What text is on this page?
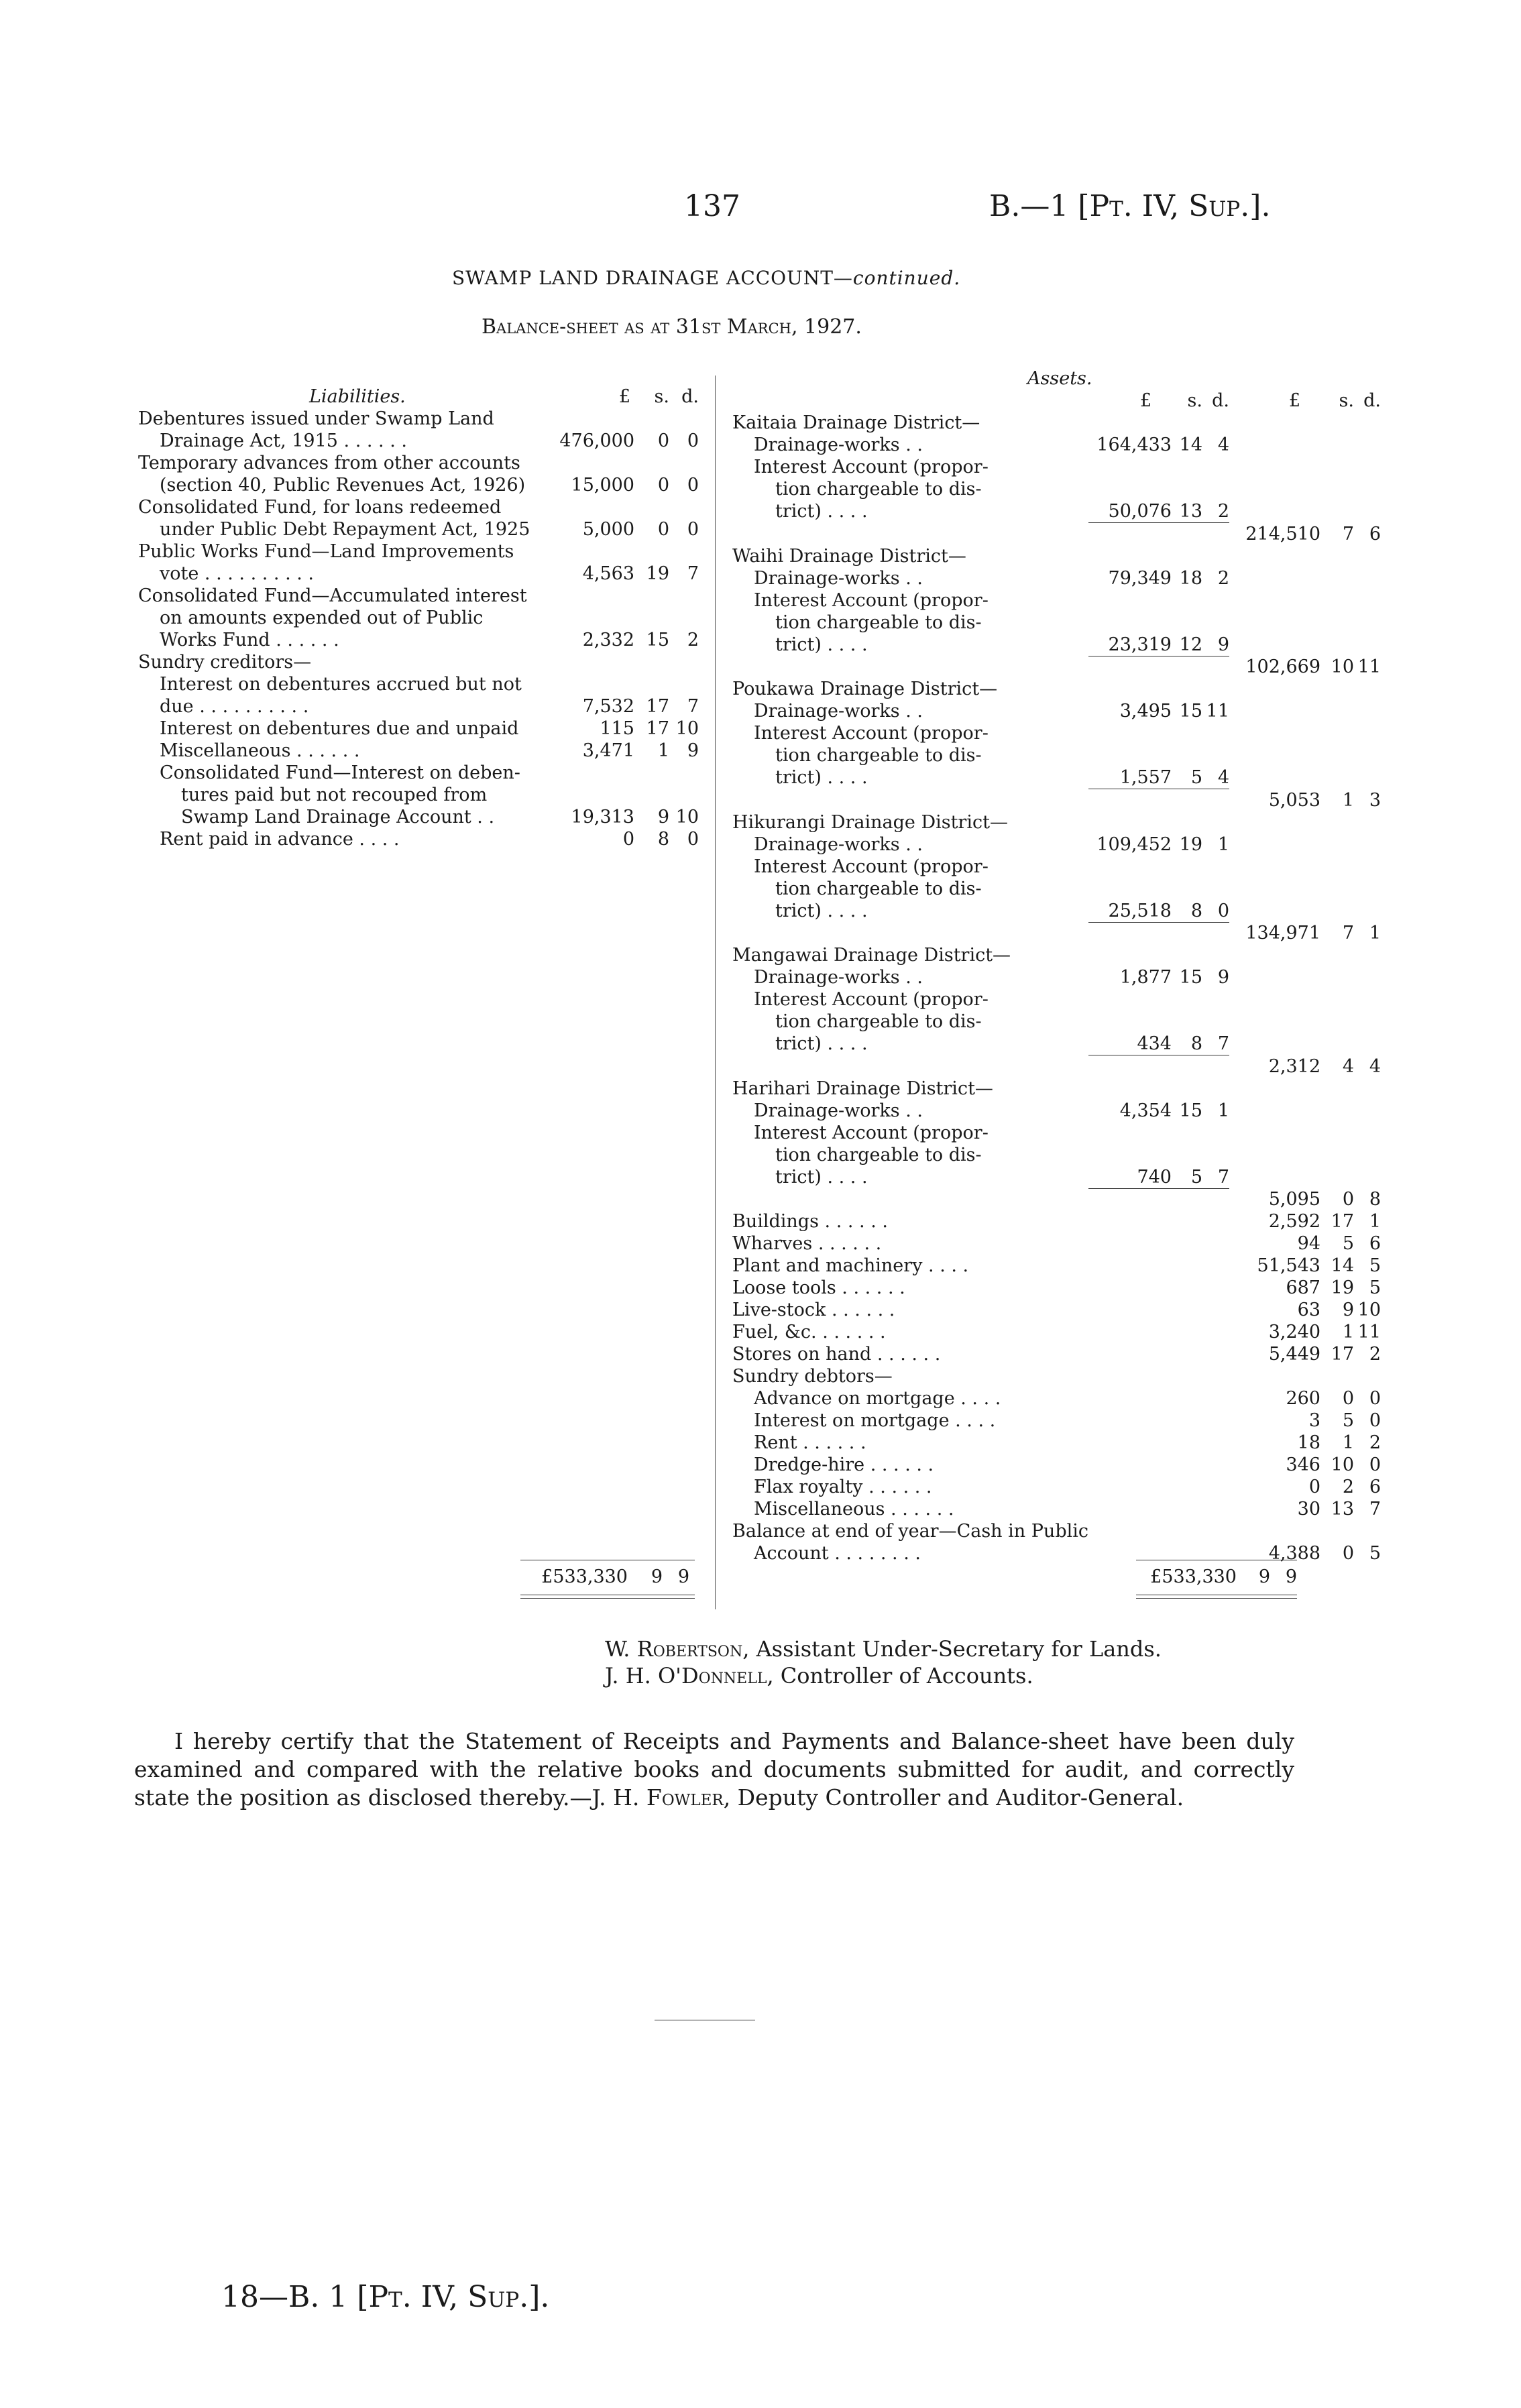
137	B.—1 [Pt. IV, Sup.].
SWAMP LAND DRAINAGE ACCOUNT—continued.
Balance-sheet as at 31st March, 1927.
Liabilities.	£	s.	d.
Debentures issued under Swamp Land			
Drainage Act, 1915 . . . . . .	476,000	0	0
Temporary advances from other accounts			
(section 40, Public Revenues Act, 1926)	15,000	0	0
Consolidated Fund, for loans redeemed			
under Public Debt Repayment Act, 1925	5,000	0	0
Public Works Fund—Land Improvements			
vote . . . . . . . . . .	4,563	19	7
Consolidated Fund—Accumulated interest			
on amounts expended out of Public			
Works Fund . . . . . .	2,332	15	2
Sundry creditors—			
Interest on debentures accrued but not			
due . . . . . . . . . .	7,532	17	7
Interest on debentures due and unpaid	115	17	10
Miscellaneous . . . . . .	3,471	1	9
Consolidated Fund—Interest on deben-			
tures paid but not recouped from			
Swamp Land Drainage Account . .	19,313	9	10
Rent paid in advance . . . .	0	8	0
Assets.						
	£	s.	d.	£	s.	d.
Kaitaia Drainage District—						
Drainage-works . .	164,433	14	4			
Interest Account (propor-						
tion chargeable to dis-						
trict) . . . .	50,076	13	2			
				214,510	7	6
Waihi Drainage District—						
Drainage-works . .	79,349	18	2			
Interest Account (propor-						
tion chargeable to dis-						
trict) . . . .	23,319	12	9			
				102,669	10	11
Poukawa Drainage District—						
Drainage-works . .	3,495	15	11			
Interest Account (propor-						
tion chargeable to dis-						
trict) . . . .	1,557	5	4			
				5,053	1	3
Hikurangi Drainage District—						
Drainage-works . .	109,452	19	1			
Interest Account (propor-						
tion chargeable to dis-						
trict) . . . .	25,518	8	0			
				134,971	7	1
Mangawai Drainage District—						
Drainage-works . .	1,877	15	9			
Interest Account (propor-						
tion chargeable to dis-						
trict) . . . .	434	8	7			
				2,312	4	4
Harihari Drainage District—						
Drainage-works . .	4,354	15	1			
Interest Account (propor-						
tion chargeable to dis-						
trict) . . . .	740	5	7			
				5,095	0	8
Buildings . . . . . .				2,592	17	1
Wharves . . . . . .				94	5	6
Plant and machinery . . . .				51,543	14	5
Loose tools . . . . . .				687	19	5
Live-stock . . . . . .				63	9	10
Fuel, &c. . . . . . .				3,240	1	11
Stores on hand . . . . . .				5,449	17	2
Sundry debtors—						
Advance on mortgage . . . .				260	0	0
Interest on mortgage . . . .				3	5	0
Rent . . . . . .				18	1	2
Dredge-hire . . . . . .				346	10	0
Flax royalty . . . . . .				0	2	6
Miscellaneous . . . . . .				30	13	7
Balance at end of year—Cash in Public						
Account . . . . . . . .				4,388	0	5
£533,330 9 9	£533,330 9 9
W. Robertson, Assistant Under-Secretary for Lands.
J. H. O'Donnell, Controller of Accounts.
I hereby certify that the Statement of Receipts and Payments and Balance-sheet have been duly examined and compared with the relative books and documents submitted for audit, and correctly state the position as disclosed thereby.—J. H. Fowler, Deputy Controller and Auditor-General.
18—B. 1 [Pt. IV, Sup.].
